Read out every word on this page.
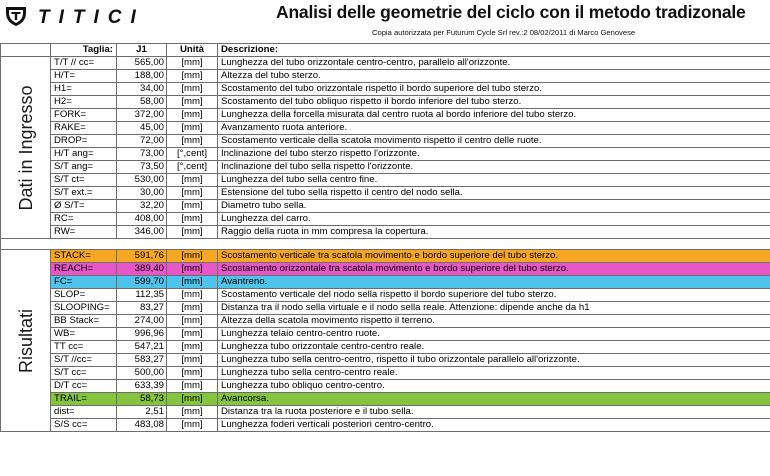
TITICI	Analisi delle geometrie del ciclo con il metodo tradizonale
Copia autorizzata per Futurum Cycle Srl rev.:2 08/02/2011 di Marco Genovese
	Taglia:	J1	Unità	Descrizione:

Dati in Ingresso	T/T // cc=	565,00	[mm]	Lunghezza del tubo orizzontale centro-centro, parallelo all'orizzonte.
	H/T=	188,00	[mm]	Altezza del tubo sterzo.
	H1=	34,00	[mm]	Scostamento del tubo orizzontale rispetto il bordo superiore del tubo sterzo.
	H2=	58,00	[mm]	Scostamento del tubo obliquo rispetto il bordo inferiore del tubo sterzo.
	FORK=	372,00	[mm]	Lunghezza della forcella misurata dal centro ruota al bordo inferiore del tubo sterzo.
	RAKE=	45,00	[mm]	Avanzamento ruota anteriore.
	DROP=	72,00	[mm]	Scostamento verticale della scatola movimento rispetto il centro delle ruote.
	H/T ang=	73,00	[°,cent]	Inclinazione del tubo sterzo rispetto l'orizzonte.
	S/T ang=	73,50	[°,cent]	Inclinazione del tubo sella rispetto l'orizzonte.
	S/T ct=	530,00	[mm]	Lunghezza del tubo sella centro fine.
	S/T ext.=	30,00	[mm]	Estensione del tubo sella rispetto il centro del nodo sella.
	Ø S/T=	32,20	[mm]	Diametro tubo sella.
	RC=	408,00	[mm]	Lunghezza del carro.
	RW=	346,00	[mm]	Raggio della ruota in mm compresa la copertura.

Risultati	STACK=	591,76	[mm]	Scostamento verticale tra scatola movimento e bordo superiore del tubo sterzo.
	REACH=	389,40	[mm]	Scostamento orizzontale tra scatola movimento e bordo superiore del tubo sterzo.
	FC=	599,70	[mm]	Avantreno.
	SLOP=	112,35	[mm]	Scostamento verticale del nodo sella rispetto il bordo superiore del tubo sterzo.
	SLOOPING=	83,27	[mm]	Distanza tra il nodo sella virtuale e il nodo sella reale. Attenzione: dipende anche da h1
	BB Stack=	274,00	[mm]	Altezza della scatola movimento rispetto il terreno.
	WB=	996,96	[mm]	Lunghezza telaio centro-centro ruote.
	TT cc=	547,21	[mm]	Lunghezza tubo orizzontale centro-centro reale.
	S/T //cc=	583,27	[mm]	Lunghezza tubo sella centro-centro, rispetto il tubo orizzontale parallelo all'orizzonte.
	S/T cc=	500,00	[mm]	Lunghezza tubo sella centro-centro reale.
	D/T cc=	633,39	[mm]	Lunghezza tubo obliquo centro-centro.
	TRAIL=	58,73	[mm]	Avancorsa.
	dist=	2,51	[mm]	Distanza tra la ruota posteriore e il tubo sella.
	S/S cc=	483,08	[mm]	Lunghezza foderi verticali posteriori centro-centro.
